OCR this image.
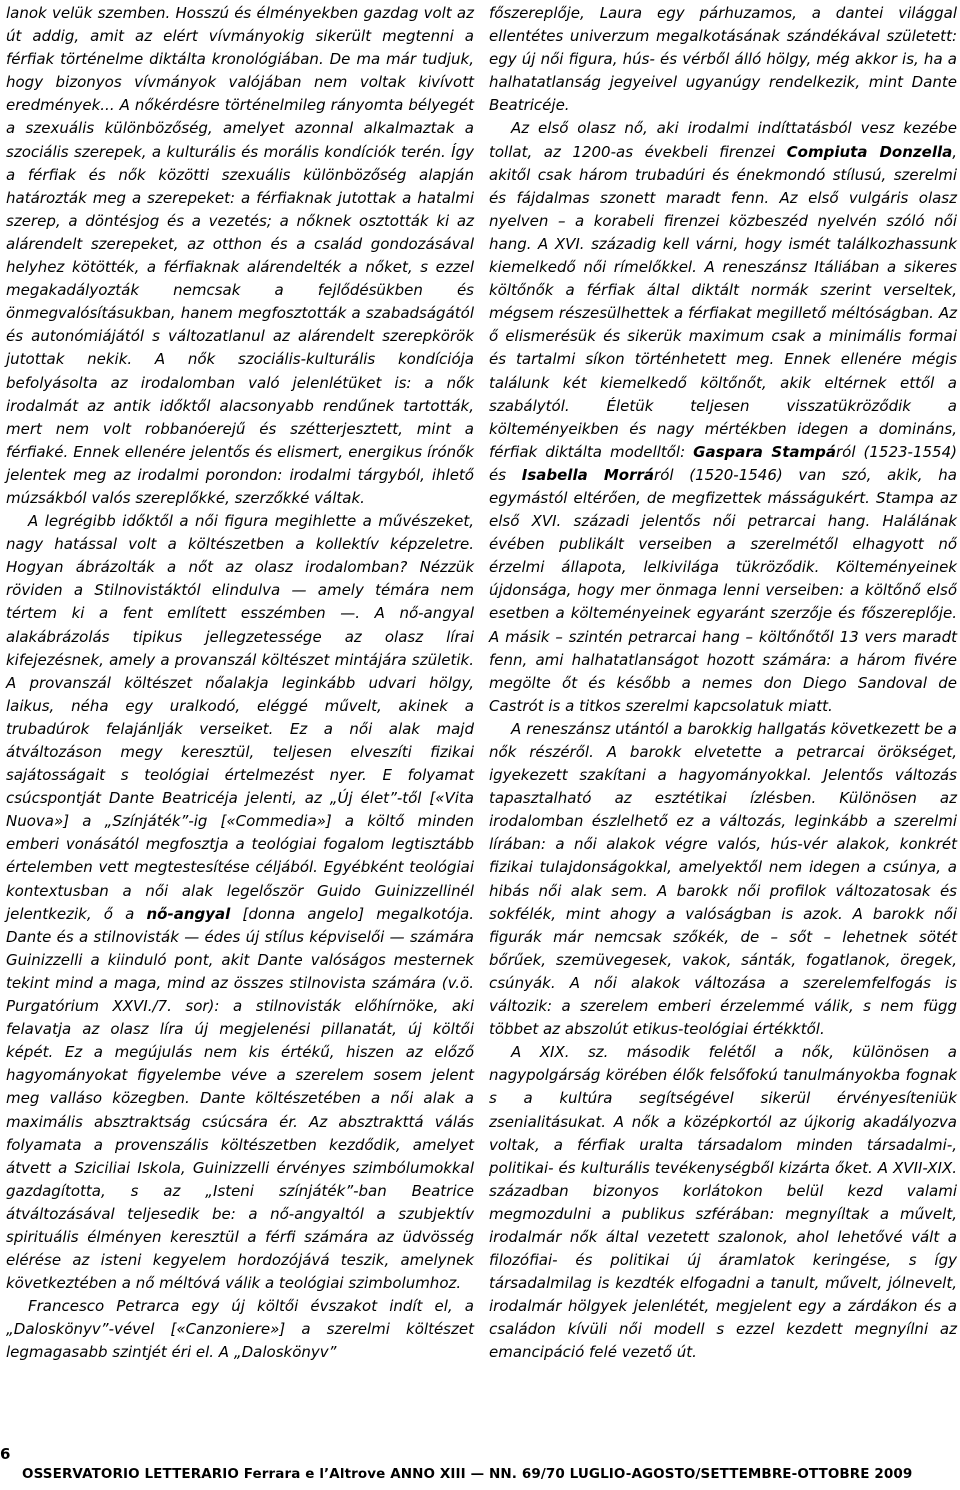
lanok velük szemben. Hosszú és élményekben gazdag volt az út addig, amit az elért vívmányokig sikerült megtenni a férfiak történelme diktálta kronológiában. De ma már tudjuk, hogy bizonyos vívmányok valójában nem voltak kivívott eredmények... A nőkérdésre történelmileg rányomta bélyegét a szexuális különbözőség, amelyet azonnal alkalmaztak a szociális szerepek, a kulturális és morális kondíciók terén. Így a férfiak és nők közötti szexuális különbözőség alapján határozták meg a szerepeket: a férfiaknak jutottak a hatalmi szerep, a döntésjog és a vezetés; a nőknek osztották ki az alárendelt szerepeket, az otthon és a család gondozásával helyhez kötötték, a férfiaknak alárendelték a nőket, s ezzel megakadályozták nemcsak a fejlődésükben és önmegvalósításukban, hanem megfosztották a szabadságától és autonómiájától s változatlanul az alárendelt szerepkörök jutottak nekik. A nők szociális-kulturális kondíciója befolyásolta az irodalomban való jelenlétüket is: a nők irodalmát az antik időktől alacsonyabb rendűnek tartották, mert nem volt robbanóerejű és szétterjesztett, mint a férfiaké. Ennek ellenére jelentős és elismert, energikus írónők jelentek meg az irodalmi porondon: irodalmi tárgyból, ihlető múzsákból valós szereplőkké, szerzőkké váltak.

A legrégibb időktől a női figura megihlette a művészeket, nagy hatással volt a költészetben a kollektív képzeletre. Hogyan ábrázolták a nőt az olasz irodalomban? Nézzük röviden a Stilnovistáktól elindulva — amely témára nem tértem ki a fent említett esszémben —. A nő-angyal alakábrázolás tipikus jellegzetessége az olasz lírai kifejezésnek, amely a provanszál költészet mintájára születik. A provanszál költészet nőalakja leginkább udvari hölgy, laikus, néha egy uralkodó, eléggé művelt, akinek a trubadúrok felajánlják verseiket. Ez a női alak majd átváltozáson megy keresztül, teljesen elveszíti fizikai sajátosságait s teológiai értelmezést nyer. E folyamat csúcspontját Dante Beatricéja jelenti, az „Új élet”-től [«Vita Nuova»] a „Színjáték”-ig [«Commedia»] a költő minden emberi vonásától megfosztja a teológiai fogalom legtisztább értelemben vett megtestesítése céljából. Egyébként teológiai kontextusban a női alak legelőször Guido Guinizzellinél jelentkezik, ő a nő-angyal [donna angelo] megalkotója. Dante és a stilnovisták — édes új stílus képviselői — számára Guinizzelli a kiinduló pont, akit Dante valóságos mesternek tekint mind a maga, mind az összes stilnovista számára (v.ö. Purgatórium XXVI./7. sor): a stilnovisták előhírnöke, aki felavatja az olasz líra új megjelenési pillanatát, új költői képét. Ez a megújulás nem kis értékű, hiszen az előző hagyományokat figyelembe véve a szerelem sosem jelent meg valláso közegben. Dante költészetében a női alak a maximális absztraktság csúcsára ér. Az absztrakttá válás folyamata a provenszális költészetben kezdődik, amelyet átvett a Sziciliai Iskola, Guinizzelli érvényes szimbólumokkal gazdagította, s az „Isteni színjáték”-ban Beatrice átváltozásával teljesedik be: a nő-angyaltól a szubjektív spirituális élményen keresztül a férfi számára az üdvösség elérése az isteni kegyelem hordozójává teszik, amelynek következtében a nő méltóvá válik a teológiai szimbolumhoz.

Francesco Petrarca egy új költői évszakot indít el, a „Daloskönyv”-vével [«Canzoniere»] a szerelmi költészet legmagasabb szintjét éri el. A „Daloskönyv”

főszereplője, Laura egy párhuzamos, a dantei világgal ellentétes univerzum megalkotásának szándékával született: egy új női figura, hús- és vérből álló hölgy, még akkor is, ha a halhatatlanság jegyeivel ugyanúgy rendelkezik, mint Dante Beatricéje.

Az első olasz nő, aki irodalmi indíttatásból vesz kezébe tollat, az 1200-as évekbeli firenzei Compiuta Donzella, akitől csak három trubadúri és énekmondó stílusú, szerelmi és fájdalmas szonett maradt fenn. Az első vulgáris olasz nyelven – a korabeli firenzei közbeszéd nyelvén szóló női hang. A XVI. századig kell várni, hogy ismét találkozhassunk kiemelkedő női rímelőkkel. A reneszánsz Itáliában a sikeres költőnők a férfiak által diktált normák szerint verseltek, mégsem részesülhettek a férfiakat megillető méltóságban. Az ő elismerésük és sikerük maximum csak a minimális formai és tartalmi síkon történhetett meg. Ennek ellenére mégis találunk két kiemelkedő költőnőt, akik eltérnek ettől a szabálytól. Életük teljesen visszatükröződik a költeményeikben és nagy mértékben idegen a domináns, férfiak diktálta modelltől: Gaspara Stampáról (1523-1554) és Isabella Morráról (1520-1546) van szó, akik, ha egymástól eltérően, de megfizettek másságukért. Stampa az első XVI. századi jelentős női petrarcai hang. Halálának évében publikált verseiben a szerelmétől elhagyott nő érzelmi állapota, lelkivilága tükröződik. Költeményeinek újdonsága, hogy mer önmaga lenni verseiben: a költőnő első esetben a költeményeinek egyaránt szerzője és főszereplője. A másik – szintén petrarcai hang – költőnőtől 13 vers maradt fenn, ami halhatatlanságot hozott számára: a három fivére megölte őt és később a nemes don Diego Sandoval de Castrót is a titkos szerelmi kapcsolatuk miatt.

A reneszánsz utántól a barokkig hallgatás következett be a nők részéről. A barokk elvetette a petrarcai örökséget, igyekezett szakítani a hagyományokkal. Jelentős változás tapasztalható az esztétikai ízlésben. Különösen az irodalomban észlelhető ez a változás, leginkább a szerelmi lírában: a női alakok végre valós, hús-vér alakok, konkrét fizikai tulajdonságokkal, amelyektől nem idegen a csúnya, a hibás női alak sem. A barokk női profilok változatosak és sokfélék, mint ahogy a valóságban is azok. A barokk női figurák már nemcsak szőkék, de – sőt – lehetnek sötét bőrűek, szemüvegesek, vakok, sánták, fogatlanok, öregek, csúnyák. A női alakok változása a szerelemfelfogás is változik: a szerelem emberi érzelemmé válik, s nem függ többet az abszolút etikus-teológiai értékktől.

A XIX. sz. második felétől a nők, különösen a nagypolgárság körében élők felsőfokú tanulmányokba fognak s a kultúra segítségével sikerül érvényesíteniük zsenialitásukat. A nők a középkortól az újkorig akadályozva voltak, a férfiak uralta társadalom minden társadalmi-, politikai- és kulturális tevékenységből kizárta őket. A XVII-XIX. században bizonyos korlátokon belül kezd valami megmozdulni a publikus szférában: megnyíltak a művelt, irodalmár nők által vezetett szalonok, ahol lehetővé vált a filozófiai- és politikai új áramlatok keringése, s így társadalmilag is kezdték elfogadni a tanult, művelt, jólnevelt, irodalmár hölgyek jelenlétét, megjelent egy a zárdákon és a családon kívüli női modell s ezzel kezdett megnyílni az emancipáció felé vezető út.

6
OSSERVATORIO LETTERARIO Ferrara e l’Altrove ANNO XIII — NN. 69/70 LUGLIO-AGOSTO/SETTEMBRE-OTTOBRE 2009
